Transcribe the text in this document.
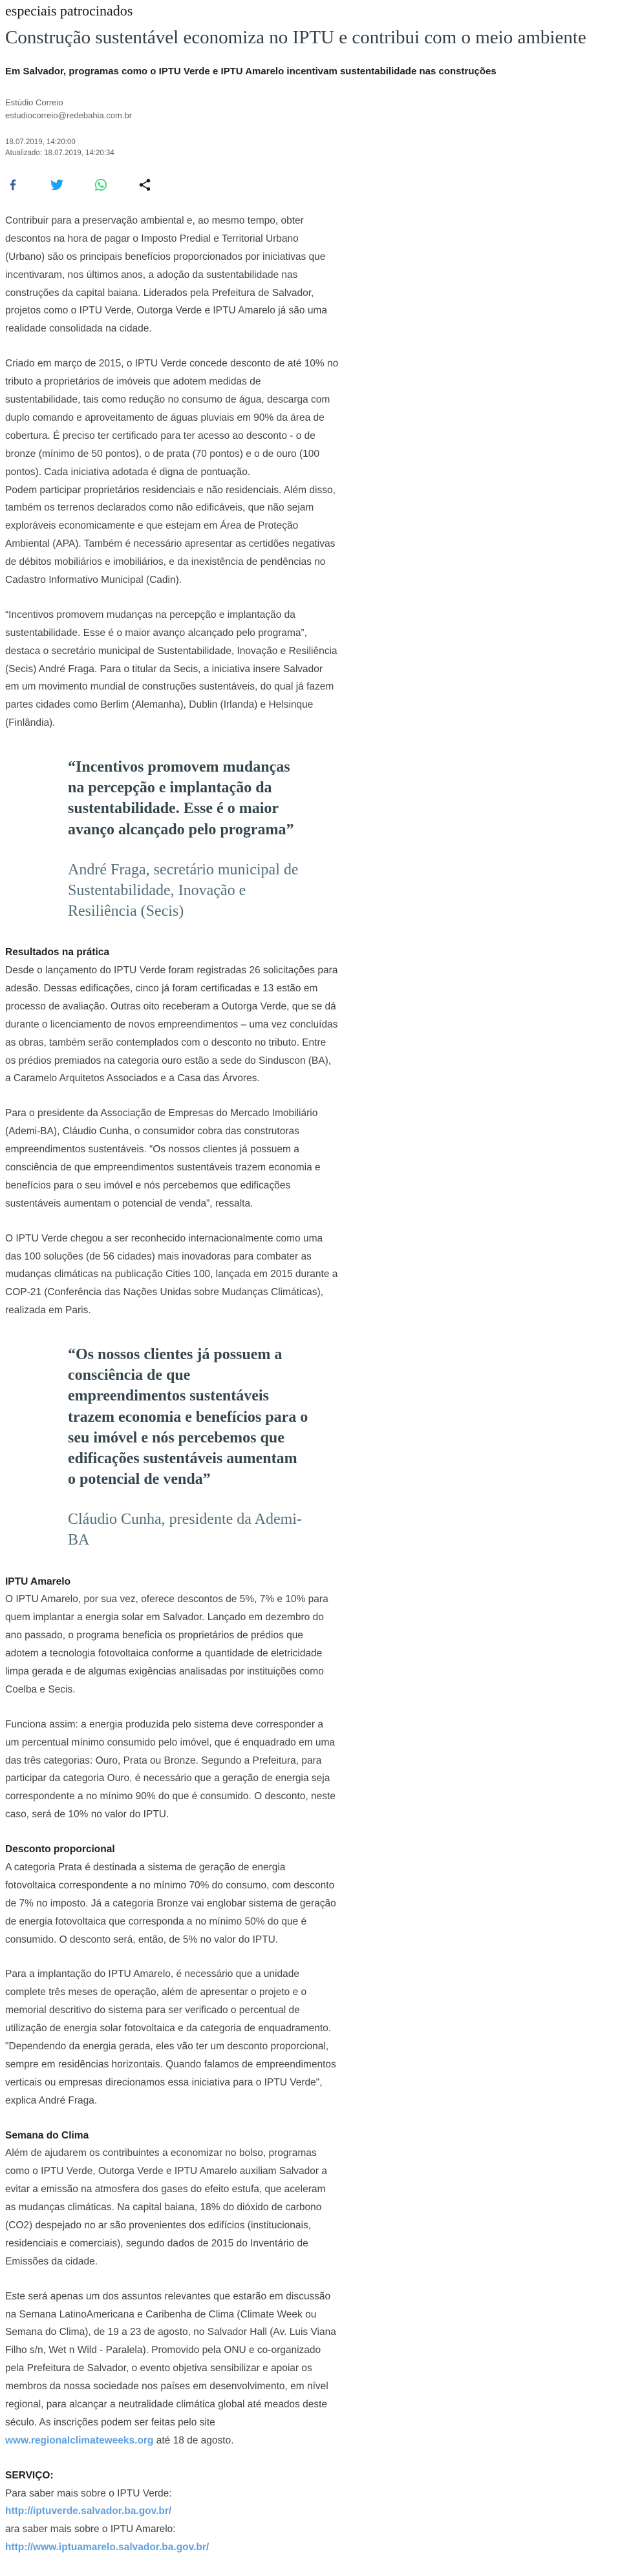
especiais patrocinados
Construção sustentável economiza no IPTU e contribui com o meio ambiente
Em Salvador, programas como o IPTU Verde e IPTU Amarelo incentivam sustentabilidade nas construções
Estúdio Correio
estudiocorreio@redebahia.com.br
18.07.2019, 14:20:00
Atualizado: 18.07.2019, 14:20:34

Contribuir para a preservação ambiental e, ao mesmo tempo, obter descontos na hora de pagar o Imposto Predial e Territorial Urbano (Urbano) são os principais benefícios proporcionados por iniciativas que incentivaram, nos últimos anos, a adoção da sustentabilidade nas construções da capital baiana. Liderados pela Prefeitura de Salvador, projetos como o IPTU Verde, Outorga Verde e IPTU Amarelo já são uma realidade consolidada na cidade.

Criado em março de 2015, o IPTU Verde concede desconto de até 10% no tributo a proprietários de imóveis que adotem medidas de sustentabilidade, tais como redução no consumo de água, descarga com duplo comando e aproveitamento de águas pluviais em 90% da área de cobertura. É preciso ter certificado para ter acesso ao desconto - o de bronze (mínimo de 50 pontos), o de prata (70 pontos) e o de ouro (100 pontos). Cada iniciativa adotada é digna de pontuação.

Podem participar proprietários residenciais e não residenciais. Além disso, também os terrenos declarados como não edificáveis, que não sejam exploráveis economicamente e que estejam em Área de Proteção Ambiental (APA). Também é necessário apresentar as certidões negativas de débitos mobiliários e imobiliários, e da inexistência de pendências no Cadastro Informativo Municipal (Cadin).

“Incentivos promovem mudanças na percepção e implantação da sustentabilidade. Esse é o maior avanço alcançado pelo programa”, destaca o secretário municipal de Sustentabilidade, Inovação e Resiliência (Secis) André Fraga. Para o titular da Secis, a iniciativa insere Salvador em um movimento mundial de construções sustentáveis, do qual já fazem partes cidades como Berlim (Alemanha), Dublin (Irlanda) e Helsinque (Finlândia).

“Incentivos promovem mudanças na percepção e implantação da sustentabilidade. Esse é o maior avanço alcançado pelo programa”

André Fraga, secretário municipal de Sustentabilidade, Inovação e Resiliência (Secis)

Resultados na prática

Desde o lançamento do IPTU Verde foram registradas 26 solicitações para adesão. Dessas edificações, cinco já foram certificadas e 13 estão em processo de avaliação. Outras oito receberam a Outorga Verde, que se dá durante o licenciamento de novos empreendimentos – uma vez concluídas as obras, também serão contemplados com o desconto no tributo. Entre os prédios premiados na categoria ouro estão a sede do Sinduscon (BA), a Caramelo Arquitetos Associados e a Casa das Árvores.

Para o presidente da Associação de Empresas do Mercado Imobiliário (Ademi-BA), Cláudio Cunha, o consumidor cobra das construtoras empreendimentos sustentáveis. “Os nossos clientes já possuem a consciência de que empreendimentos sustentáveis trazem economia e benefícios para o seu imóvel e nós percebemos que edificações sustentáveis aumentam o potencial de venda”, ressalta.

O IPTU Verde chegou a ser reconhecido internacionalmente como uma das 100 soluções (de 56 cidades) mais inovadoras para combater as mudanças climáticas na publicação Cities 100, lançada em 2015 durante a COP-21 (Conferência das Nações Unidas sobre Mudanças Climáticas), realizada em Paris.

“Os nossos clientes já possuem a consciência de que empreendimentos sustentáveis trazem economia e benefícios para o seu imóvel e nós percebemos que edificações sustentáveis aumentam o potencial de venda”

Cláudio Cunha, presidente da Ademi-BA

IPTU Amarelo

O IPTU Amarelo, por sua vez, oferece descontos de 5%, 7% e 10% para quem implantar a energia solar em Salvador. Lançado em dezembro do ano passado, o programa beneficia os proprietários de prédios que adotem a tecnologia fotovoltaica conforme a quantidade de eletricidade limpa gerada e de algumas exigências analisadas por instituições como Coelba e Secis.

Funciona assim: a energia produzida pelo sistema deve corresponder a um percentual mínimo consumido pelo imóvel, que é enquadrado em uma das três categorias: Ouro, Prata ou Bronze. Segundo a Prefeitura, para participar da categoria Ouro, é necessário que a geração de energia seja correspondente a no mínimo 90% do que é consumido. O desconto, neste caso, será de 10% no valor do IPTU.

Desconto proporcional

A categoria Prata é destinada a sistema de geração de energia fotovoltaica correspondente a no mínimo 70% do consumo, com desconto de 7% no imposto. Já a categoria Bronze vai englobar sistema de geração de energia fotovoltaica que corresponda a no mínimo 50% do que é consumido. O desconto será, então, de 5% no valor do IPTU.

Para a implantação do IPTU Amarelo, é necessário que a unidade complete três meses de operação, além de apresentar o projeto e o memorial descritivo do sistema para ser verificado o percentual de utilização de energia solar fotovoltaica e da categoria de enquadramento. "Dependendo da energia gerada, eles vão ter um desconto proporcional, sempre em residências horizontais. Quando falamos de empreendimentos verticais ou empresas direcionamos essa iniciativa para o IPTU Verde", explica André Fraga.

Semana do Clima

Além de ajudarem os contribuintes a economizar no bolso, programas como o IPTU Verde, Outorga Verde e IPTU Amarelo auxiliam Salvador a evitar a emissão na atmosfera dos gases do efeito estufa, que aceleram as mudanças climáticas. Na capital baiana, 18% do dióxido de carbono (CO2) despejado no ar são provenientes dos edifícios (institucionais, residenciais e comerciais), segundo dados de 2015 do Inventário de Emissões da cidade.

Este será apenas um dos assuntos relevantes que estarão em discussão na Semana LatinoAmericana e Caribenha de Clima (Climate Week ou Semana do Clima), de 19 a 23 de agosto, no Salvador Hall (Av. Luis Viana Filho s/n, Wet n Wild - Paralela). Promovido pela ONU e co-organizado pela Prefeitura de Salvador, o evento objetiva sensibilizar e apoiar os membros da nossa sociedade nos países em desenvolvimento, em nível regional, para alcançar a neutralidade climática global até meados deste século. As inscrições podem ser feitas pelo site www.regionalclimateweeks.org até 18 de agosto.

SERVIÇO:

Para saber mais sobre o IPTU Verde: http://iptuverde.salvador.ba.gov.br/

ara saber mais sobre o IPTU Amarelo:

http://www.iptuamarelo.salvador.ba.gov.br/
